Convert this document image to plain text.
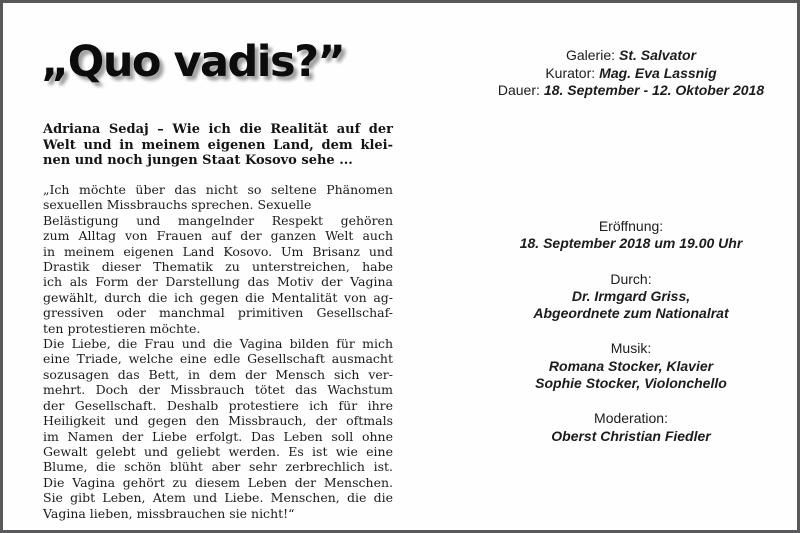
„Quo vadis?”
Adriana Sedaj – Wie ich die Realität auf der
Welt und in meinem eigenen Land, dem klei-
nen und noch jungen Staat Kosovo sehe ...
„Ich möchte über das nicht so seltene Phänomen
sexuellen Missbrauchs sprechen. Sexuelle
Belästigung und mangelnder Respekt gehören
zum Alltag von Frauen auf der ganzen Welt auch
in meinem eigenen Land Kosovo. Um Brisanz und
Drastik dieser Thematik zu unterstreichen, habe
ich als Form der Darstellung das Motiv der Vagina
gewählt, durch die ich gegen die Mentalität von ag-
gressiven oder manchmal primitiven Gesellschaf-
ten protestieren möchte.
Die Liebe, die Frau und die Vagina bilden für mich
eine Triade, welche eine edle Gesellschaft ausmacht
sozusagen das Bett, in dem der Mensch sich ver-
mehrt. Doch der Missbrauch tötet das Wachstum
der Gesellschaft. Deshalb protestiere ich für ihre
Heiligkeit und gegen den Missbrauch, der oftmals
im Namen der Liebe erfolgt. Das Leben soll ohne
Gewalt gelebt und geliebt werden. Es ist wie eine
Blume, die schön blüht aber sehr zerbrechlich ist.
Die Vagina gehört zu diesem Leben der Menschen.
Sie gibt Leben, Atem und Liebe. Menschen, die die
Vagina lieben, missbrauchen sie nicht!“
Galerie: St. Salvator
Kurator: Mag. Eva Lassnig
Dauer: 18. September - 12. Oktober 2018
Eröffnung:
18. September 2018 um 19.00 Uhr
Durch:
Dr. Irmgard Griss,
Abgeordnete zum Nationalrat
Musik:
Romana Stocker, Klavier
Sophie Stocker, Violonchello
Moderation:
Oberst Christian Fiedler
